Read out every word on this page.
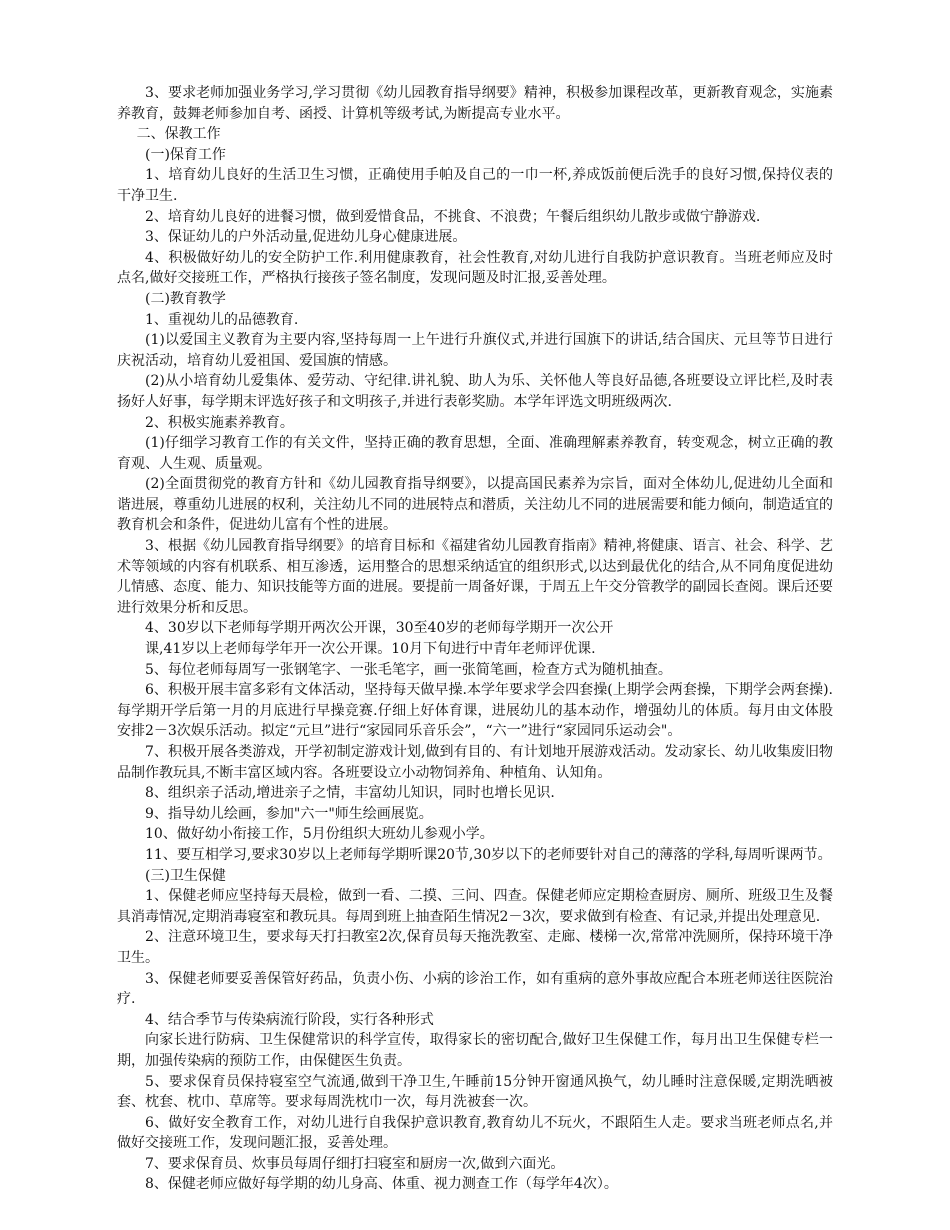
3、要求老师加强业务学习,学习贯彻《幼儿园教育指导纲要》精神，积极参加课程改革，更新教育观念，实施素养教育，鼓舞老师参加自考、函授、计算机等级考试,为断提高专业水平。

二、保教工作

(一)保育工作

1、培育幼儿良好的生活卫生习惯，正确使用手帕及自己的一巾一杯,养成饭前便后洗手的良好习惯,保持仪表的干净卫生.

2、培育幼儿良好的进餐习惯，做到爱惜食品，不挑食、不浪费；午餐后组织幼儿散步或做宁静游戏.

3、保证幼儿的户外活动量,促进幼儿身心健康进展。

4、积极做好幼儿的安全防护工作.利用健康教育，社会性教育,对幼儿进行自我防护意识教育。当班老师应及时点名,做好交接班工作，严格执行接孩子签名制度，发现问题及时汇报,妥善处理。

(二)教育教学

1、重视幼儿的品德教育.

(1)以爱国主义教育为主要内容,坚持每周一上午进行升旗仪式,并进行国旗下的讲话,结合国庆、元旦等节日进行庆祝活动，培育幼儿爱祖国、爱国旗的情感。

(2)从小培育幼儿爱集体、爱劳动、守纪律.讲礼貌、助人为乐、关怀他人等良好品德,各班要设立评比栏,及时表扬好人好事，每学期末评选好孩子和文明孩子,并进行表彰奖励。本学年评选文明班级两次.

2、积极实施素养教育。

(1)仔细学习教育工作的有关文件，坚持正确的教育思想，全面、准确理解素养教育，转变观念，树立正确的教育观、人生观、质量观。

(2)全面贯彻党的教育方针和《幼儿园教育指导纲要》，以提高国民素养为宗旨，面对全体幼儿,促进幼儿全面和谐进展，尊重幼儿进展的权利，关注幼儿不同的进展特点和潜质，关注幼儿不同的进展需要和能力倾向，制造适宜的教育机会和条件，促进幼儿富有个性的进展。

3、根据《幼儿园教育指导纲要》的培育目标和《福建省幼儿园教育指南》精神,将健康、语言、社会、科学、艺术等领域的内容有机联系、相互渗透，运用整合的思想采纳适宜的组织形式,以达到最优化的结合,从不同角度促进幼儿情感、态度、能力、知识技能等方面的进展。要提前一周备好课，于周五上午交分管教学的副园长查阅。课后还要进行效果分析和反思。

4、30岁以下老师每学期开两次公开课，30至40岁的老师每学期开一次公开

课,41岁以上老师每学年开一次公开课。10月下旬进行中青年老师评优课.

5、每位老师每周写一张钢笔字、一张毛笔字，画一张简笔画，检查方式为随机抽查。

6、积极开展丰富多彩有文体活动，坚持每天做早操.本学年要求学会四套操(上期学会两套操，下期学会两套操).每学期开学后第一月的月底进行早操竞赛.仔细上好体育课，进展幼儿的基本动作，增强幼儿的体质。每月由文体股安排2－3次娱乐活动。拟定“元旦”进行“家园同乐音乐会”，“六一”进行“家园同乐运动会"。

7、积极开展各类游戏，开学初制定游戏计划,做到有目的、有计划地开展游戏活动。发动家长、幼儿收集废旧物品制作教玩具,不断丰富区域内容。各班要设立小动物饲养角、种植角、认知角。

8、组织亲子活动,增进亲子之情，丰富幼儿知识，同时也增长见识.

9、指导幼儿绘画，参加"六一"师生绘画展览。

10、做好幼小衔接工作，5月份组织大班幼儿参观小学。

11、要互相学习,要求30岁以上老师每学期听课20节,30岁以下的老师要针对自己的薄落的学科,每周听课两节。

(三)卫生保健

1、保健老师应坚持每天晨检，做到一看、二摸、三问、四查。保健老师应定期检查厨房、厕所、班级卫生及餐具消毒情况,定期消毒寝室和教玩具。每周到班上抽查陌生情况2－3次，要求做到有检查、有记录,并提出处理意见.

2、注意环境卫生，要求每天打扫教室2次,保育员每天拖洗教室、走廊、楼梯一次,常常冲洗厕所，保持环境干净卫生。

3、保健老师要妥善保管好药品，负责小伤、小病的诊治工作，如有重病的意外事故应配合本班老师送往医院治疗.

4、结合季节与传染病流行阶段，实行各种形式

向家长进行防病、卫生保健常识的科学宣传，取得家长的密切配合,做好卫生保健工作，每月出卫生保健专栏一期，加强传染病的预防工作，由保健医生负责。

5、要求保育员保持寝室空气流通,做到干净卫生,午睡前15分钟开窗通风换气，幼儿睡时注意保暖,定期洗晒被套、枕套、枕巾、草席等。要求每周洗枕巾一次，每月洗被套一次。

6、做好安全教育工作，对幼儿进行自我保护意识教育,教育幼儿不玩火，不跟陌生人走。要求当班老师点名,并做好交接班工作，发现问题汇报，妥善处理。

7、要求保育员、炊事员每周仔细打扫寝室和厨房一次,做到六面光。

8、保健老师应做好每学期的幼儿身高、体重、视力测查工作（每学年4次）。
